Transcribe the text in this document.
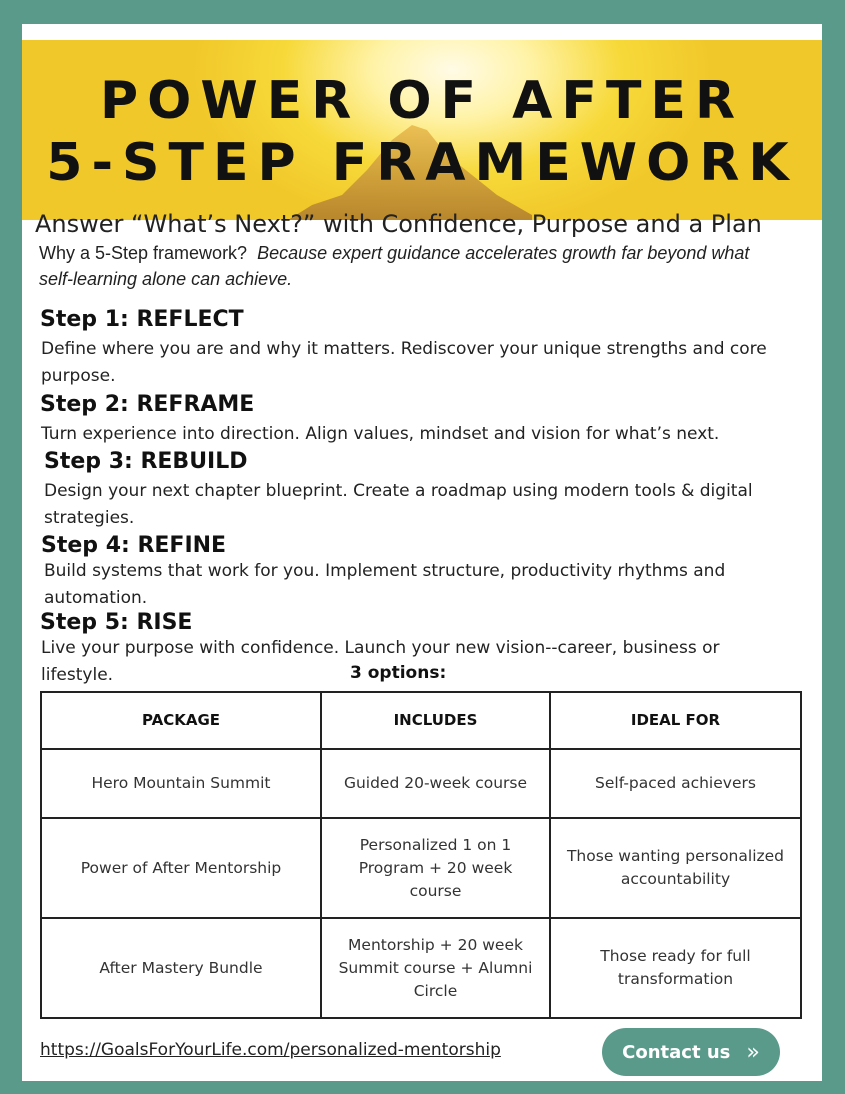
POWER OF AFTER
5-STEP FRAMEWORK
Answer “What’s Next?” with Confidence, Purpose and a Plan
Why a 5-Step framework? Because expert guidance accelerates growth far beyond what self-learning alone can achieve.
Step 1: REFLECT
Define where you are and why it matters. Rediscover your unique strengths and core purpose.
Step 2: REFRAME
Turn experience into direction. Align values, mindset and vision for what’s next.
Step 3: REBUILD
Design your next chapter blueprint. Create a roadmap using modern tools & digital strategies.
Step 4: REFINE
Build systems that work for you. Implement structure, productivity rhythms and automation.
Step 5: RISE
Live your purpose with confidence. Launch your new vision--career, business or lifestyle.	3 options:
PACKAGE	INCLUDES	IDEAL FOR
Hero Mountain Summit	Guided 20-week course	Self-paced achievers
Power of After Mentorship	Personalized 1 on 1 Program + 20 week course	Those wanting personalized accountability
After Mastery Bundle	Mentorship + 20 week Summit course + Alumni Circle	Those ready for full transformation
https://GoalsForYourLife.com/personalized-mentorship	Contact us »
